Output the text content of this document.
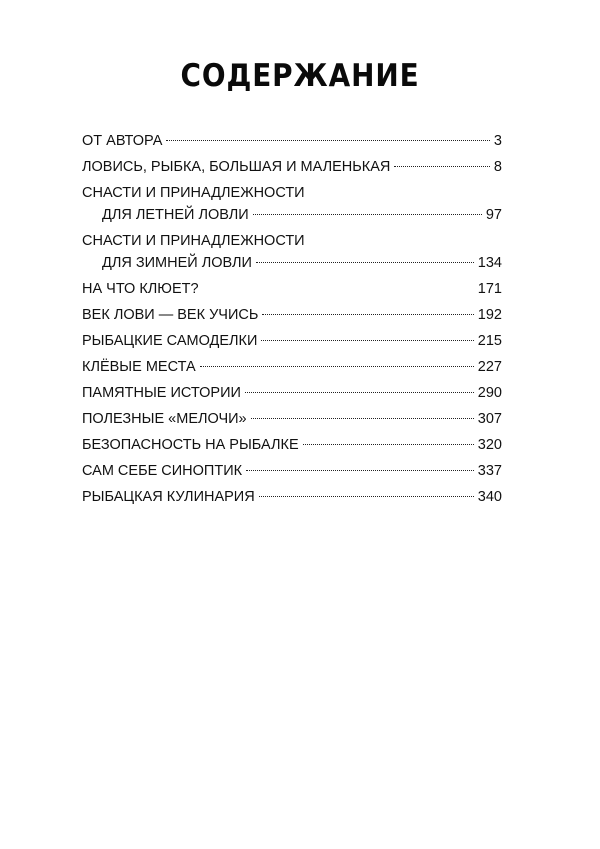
СОДЕРЖАНИЕ
ОТ АВТОРА	3
ЛОВИСЬ, РЫБКА, БОЛЬШАЯ И МАЛЕНЬКАЯ	8
СНАСТИ И ПРИНАДЛЕЖНОСТИ
ДЛЯ ЛЕТНЕЙ ЛОВЛИ	97
СНАСТИ И ПРИНАДЛЕЖНОСТИ
ДЛЯ ЗИМНЕЙ ЛОВЛИ	134
НА ЧТО КЛЮЕТ?	171
ВЕК ЛОВИ — ВЕК УЧИСЬ	192
РЫБАЦКИЕ САМОДЕЛКИ	215
КЛЁВЫЕ МЕСТА	227
ПАМЯТНЫЕ ИСТОРИИ	290
ПОЛЕЗНЫЕ «МЕЛОЧИ»	307
БЕЗОПАСНОСТЬ НА РЫБАЛКЕ	320
САМ СЕБЕ СИНОПТИК	337
РЫБАЦКАЯ КУЛИНАРИЯ	340
